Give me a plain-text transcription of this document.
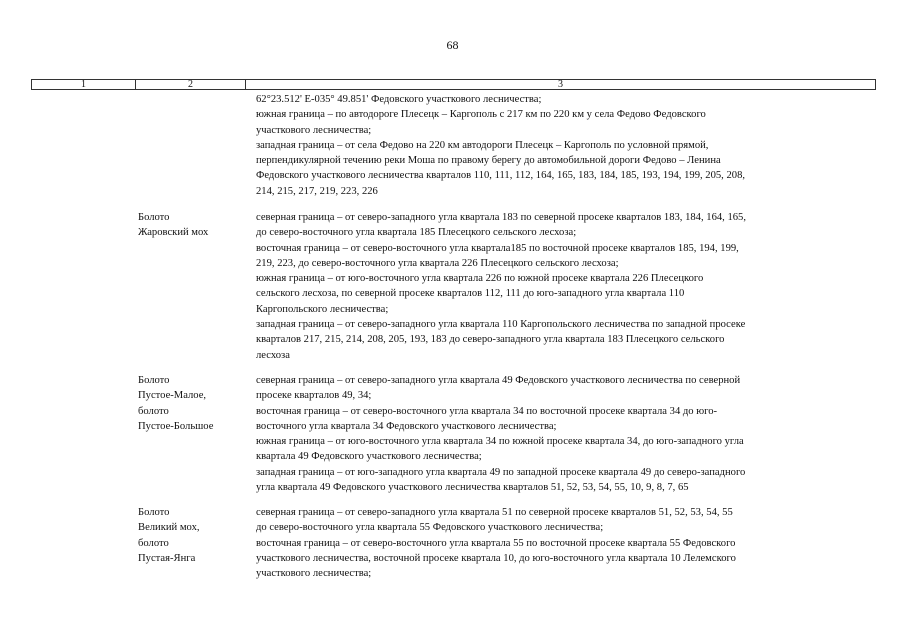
68
1	2	3
62°23.512' E-035° 49.851' Федовского участкового лесничества;
южная граница – по автодороге Плесецк – Каргополь с 217 км по 220 км у села Федово Федовского
участкового лесничества;
западная граница – от села Федово на 220 км автодороги Плесецк – Каргополь по условной прямой,
перпендикулярной течению реки Моша по правому берегу до автомобильной дороги Федово – Ленина
Федовского участкового лесничества кварталов 110, 111, 112, 164, 165, 183, 184, 185, 193, 194, 199, 205, 208,
214, 215, 217, 219, 223, 226
Болото
Жаровский мох
северная граница – от северо-западного угла квартала 183 по северной просеке кварталов 183, 184, 164, 165,
до северо-восточного угла квартала 185 Плесецкого сельского лесхоза;
восточная граница – от северо-восточного угла квартала185 по восточной просеке кварталов 185, 194, 199,
219, 223, до северо-восточного угла квартала 226 Плесецкого сельского лесхоза;
южная граница – от юго-восточного угла квартала 226 по южной просеке квартала 226 Плесецкого
сельского лесхоза, по северной просеке кварталов 112, 111 до юго-западного угла квартала 110
Каргопольского лесничества;
западная граница – от северо-западного угла квартала 110 Каргопольского лесничества по западной просеке
кварталов 217, 215, 214, 208, 205, 193, 183 до северо-западного угла квартала 183 Плесецкого сельского
лесхоза
Болото
Пустое-Малое,
болото
Пустое-Большое
северная граница – от северо-западного угла квартала 49 Федовского участкового лесничества по северной
просеке кварталов 49, 34;
восточная граница – от северо-восточного угла квартала 34 по восточной просеке квартала 34 до юго-
восточного угла квартала 34 Федовского участкового лесничества;
южная граница – от юго-восточного угла квартала 34 по южной просеке квартала 34, до юго-западного угла
квартала 49 Федовского участкового лесничества;
западная граница – от юго-западного угла квартала 49 по западной просеке квартала 49 до северо-западного
угла квартала 49 Федовского участкового лесничества кварталов 51, 52, 53, 54, 55, 10, 9, 8, 7, 65
Болото
Великий мох,
болото
Пустая-Янга
северная граница – от северо-западного угла квартала 51 по северной просеке кварталов 51, 52, 53, 54, 55
до северо-восточного угла квартала 55 Федовского участкового лесничества;
восточная граница – от северо-восточного угла квартала 55 по восточной просеке квартала 55 Федовского
участкового лесничества, восточной просеке квартала 10, до юго-восточного угла квартала 10 Лелемского
участкового лесничества;
